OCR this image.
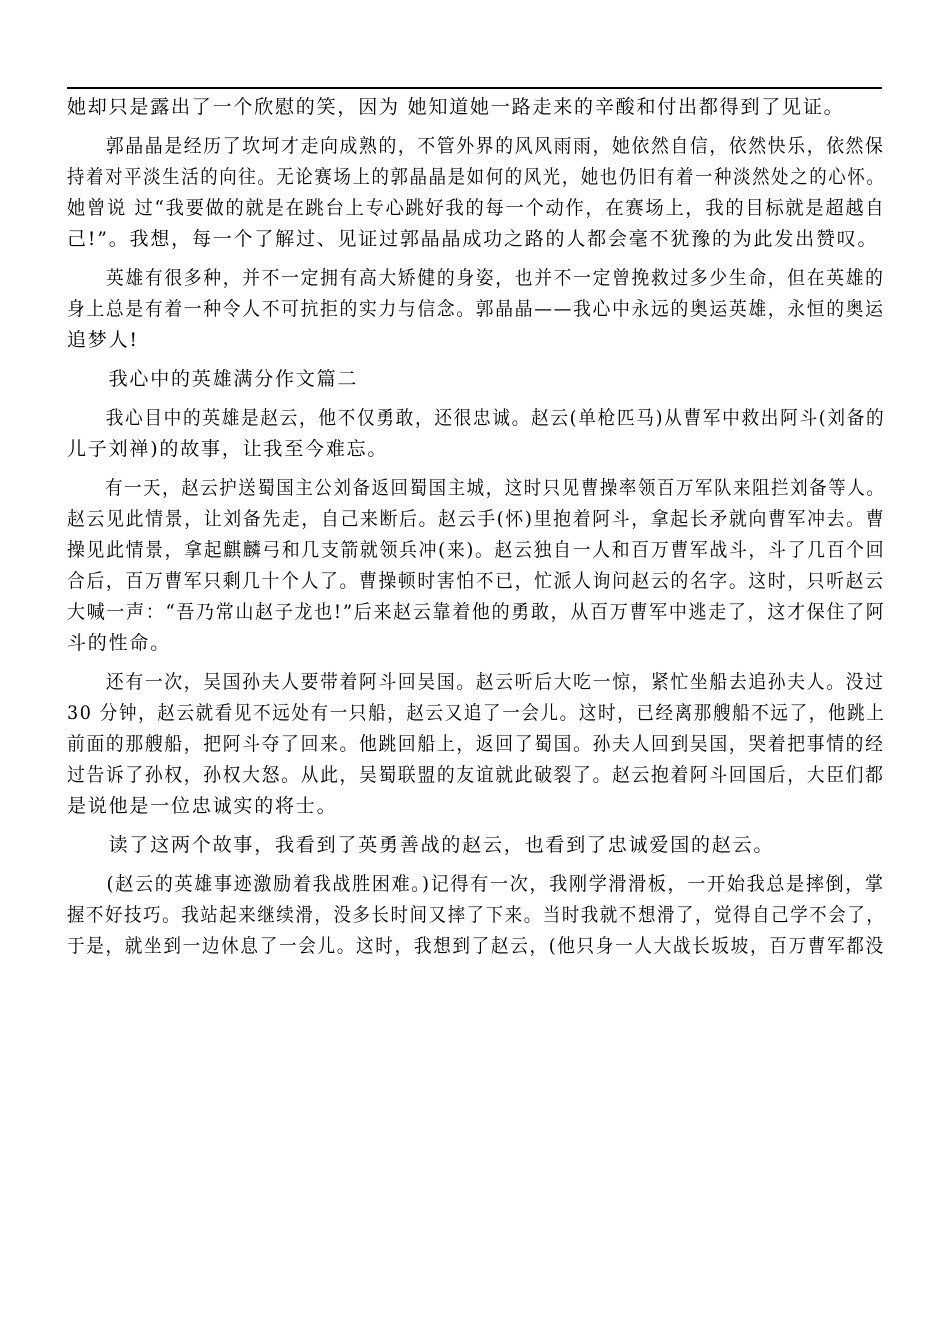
她却只是露出了一个欣慰的笑，因为 她知道她一路走来的辛酸和付出都得到了见证。

　　郭晶晶是经历了坎坷才走向成熟的，不管外界的风风雨雨，她依然自信，依然快乐，依然保
持着对平淡生活的向往。无论赛场上的郭晶晶是如何的风光，她也仍旧有着一种淡然处之的心怀。
她曾说 过“我要做的就是在跳台上专心跳好我的每一个动作，在赛场上，我的目标就是超越自
己!”。我想，每一个了解过、见证过郭晶晶成功之路的人都会毫不犹豫的为此发出赞叹。

　　英雄有很多种，并不一定拥有高大矫健的身姿，也并不一定曾挽救过多少生命，但在英雄的
身上总是有着一种令人不可抗拒的实力与信念。郭晶晶——我心中永远的奥运英雄，永恒的奥运
追梦人!

　　我心中的英雄满分作文篇二

　　我心目中的英雄是赵云，他不仅勇敢，还很忠诚。赵云(单枪匹马)从曹军中救出阿斗(刘备的
儿子刘禅)的故事，让我至今难忘。

　　有一天，赵云护送蜀国主公刘备返回蜀国主城，这时只见曹操率领百万军队来阻拦刘备等人。
赵云见此情景，让刘备先走，自己来断后。赵云手(怀)里抱着阿斗，拿起长矛就向曹军冲去。曹
操见此情景，拿起麒麟弓和几支箭就领兵冲(来)。赵云独自一人和百万曹军战斗，斗了几百个回
合后，百万曹军只剩几十个人了。曹操顿时害怕不已，忙派人询问赵云的名字。这时，只听赵云
大喊一声：“吾乃常山赵子龙也!”后来赵云靠着他的勇敢，从百万曹军中逃走了，这才保住了阿
斗的性命。

　　还有一次，吴国孙夫人要带着阿斗回吴国。赵云听后大吃一惊，紧忙坐船去追孙夫人。没过
30 分钟，赵云就看见不远处有一只船，赵云又追了一会儿。这时，已经离那艘船不远了，他跳上
前面的那艘船，把阿斗夺了回来。他跳回船上，返回了蜀国。孙夫人回到吴国，哭着把事情的经
过告诉了孙权，孙权大怒。从此，吴蜀联盟的友谊就此破裂了。赵云抱着阿斗回国后，大臣们都
是说他是一位忠诚实的将士。

　　读了这两个故事，我看到了英勇善战的赵云，也看到了忠诚爱国的赵云。

　　(赵云的英雄事迹激励着我战胜困难。)记得有一次，我刚学滑滑板，一开始我总是摔倒，掌
握不好技巧。我站起来继续滑，没多长时间又摔了下来。当时我就不想滑了，觉得自己学不会了，
于是，就坐到一边休息了一会儿。这时，我想到了赵云，(他只身一人大战长坂坡，百万曹军都没
